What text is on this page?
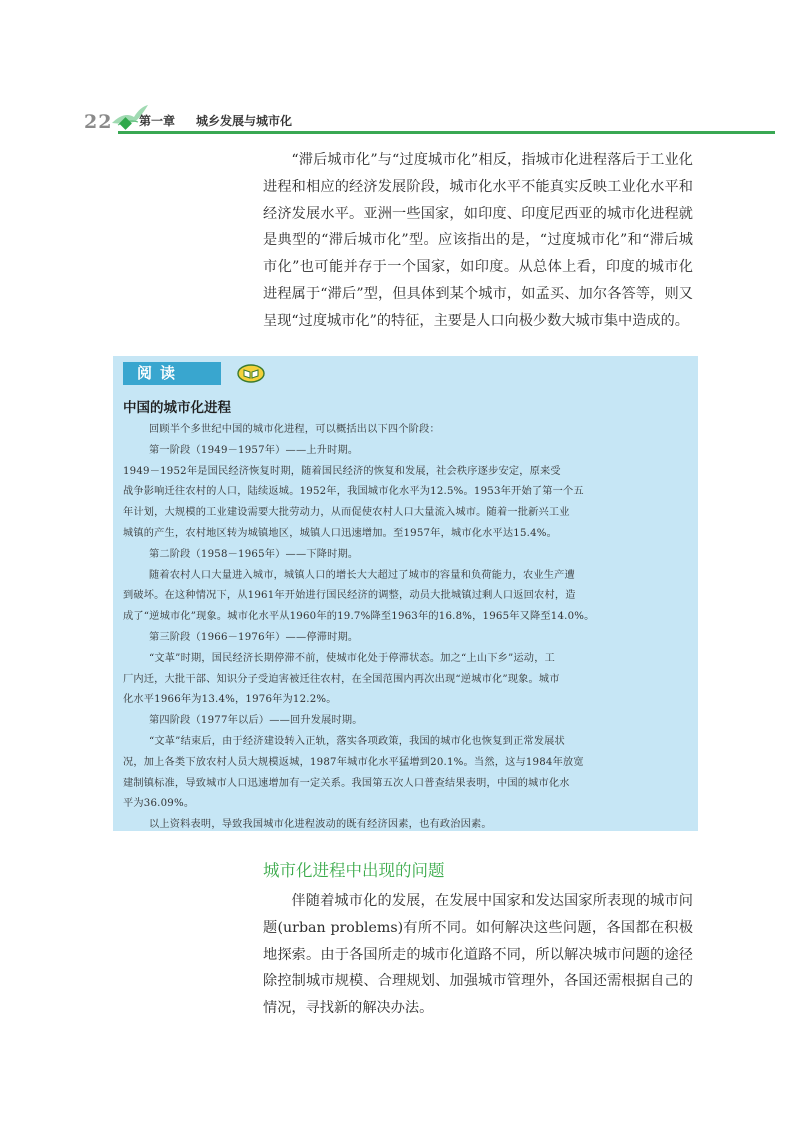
22 第一章 城乡发展与城市化

“滞后城市化”与“过度城市化”相反，指城市化进程落后于工业化进程和相应的经济发展阶段，城市化水平不能真实反映工业化水平和经济发展水平。亚洲一些国家，如印度、印度尼西亚的城市化进程就是典型的“滞后城市化”型。应该指出的是，“过度城市化”和“滞后城市化”也可能并存于一个国家，如印度。从总体上看，印度的城市化进程属于“滞后”型，但具体到某个城市，如孟买、加尔各答等，则又呈现“过度城市化”的特征，主要是人口向极少数大城市集中造成的。

阅读
中国的城市化进程
回顾半个多世纪中国的城市化进程，可以概括出以下四个阶段：
第一阶段（1949－1957年）——上升时期。
1949－1952年是国民经济恢复时期，随着国民经济的恢复和发展，社会秩序逐步安定，原来受
战争影响迁往农村的人口，陆续返城。1952年，我国城市化水平为12.5%。1953年开始了第一个五
年计划，大规模的工业建设需要大批劳动力，从而促使农村人口大量流入城市。随着一批新兴工业
城镇的产生，农村地区转为城镇地区，城镇人口迅速增加。至1957年，城市化水平达15.4%。
第二阶段（1958－1965年）——下降时期。
随着农村人口大量进入城市，城镇人口的增长大大超过了城市的容量和负荷能力，农业生产遭
到破坏。在这种情况下，从1961年开始进行国民经济的调整，动员大批城镇过剩人口返回农村，造
成了“逆城市化”现象。城市化水平从1960年的19.7%降至1963年的16.8%，1965年又降至14.0%。
第三阶段（1966－1976年）——停滞时期。
“文革”时期，国民经济长期停滞不前，使城市化处于停滞状态。加之“上山下乡”运动，工
厂内迁，大批干部、知识分子受迫害被迁往农村，在全国范围内再次出现“逆城市化”现象。城市
化水平1966年为13.4%，1976年为12.2%。
第四阶段（1977年以后）——回升发展时期。
“文革”结束后，由于经济建设转入正轨，落实各项政策，我国的城市化也恢复到正常发展状
况，加上各类下放农村人员大规模返城，1987年城市化水平猛增到20.1%。当然，这与1984年放宽
建制镇标准，导致城市人口迅速增加有一定关系。我国第五次人口普查结果表明，中国的城市化水
平为36.09%。
以上资料表明，导致我国城市化进程波动的既有经济因素，也有政治因素。
城市化进程中出现的问题

伴随着城市化的发展，在发展中国家和发达国家所表现的城市问题(urban problems)有所不同。如何解决这些问题，各国都在积极地探索。由于各国所走的城市化道路不同，所以解决城市问题的途径除控制城市规模、合理规划、加强城市管理外，各国还需根据自己的情况，寻找新的解决办法。
